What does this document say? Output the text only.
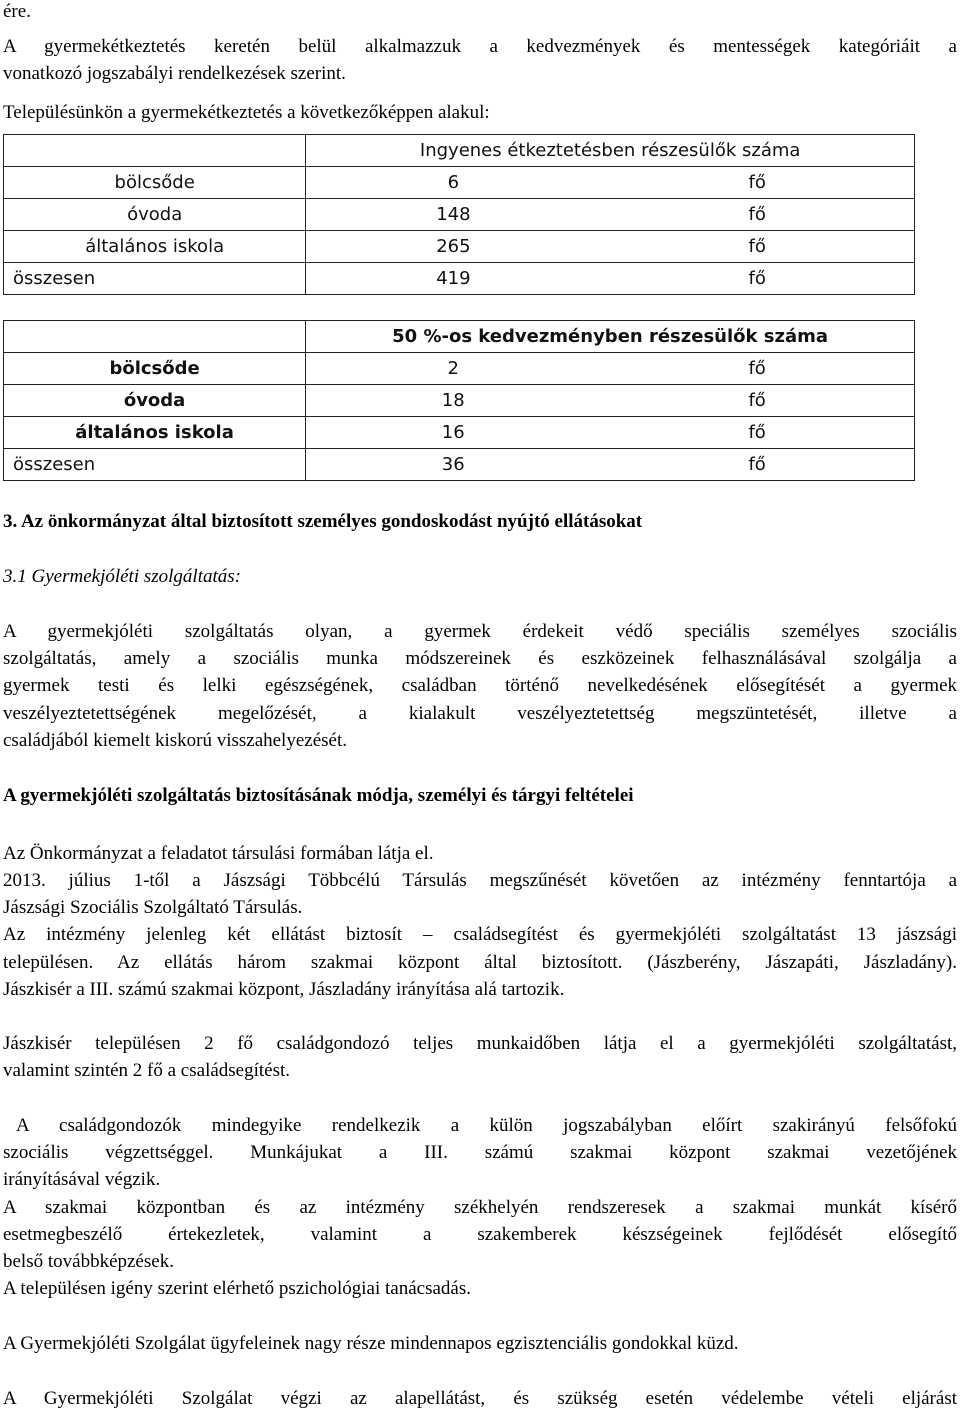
ére.
A gyermekétkeztetés keretén belül alkalmazzuk a kedvezmények és mentességek kategóriáit a
vonatkozó jogszabályi rendelkezések szerint.
Településünkön a gyermekétkeztetés a következőképpen alakul:
	Ingyenes étkeztetésben részesülők száma	
bölcsőde	6	fő
óvoda	148	fő
általános iskola	265	fő
összesen	419	fő
	50 %-os kedvezményben részesülők száma	
bölcsőde	2	fő
óvoda	18	fő
általános iskola	16	fő
összesen	36	fő
3. Az önkormányzat által biztosított személyes gondoskodást nyújtó ellátásokat
3.1 Gyermekjóléti szolgáltatás:
A gyermekjóléti szolgáltatás olyan, a gyermek érdekeit védő speciális személyes szociális
szolgáltatás, amely a szociális munka módszereinek és eszközeinek felhasználásával szolgálja a
gyermek testi és lelki egészségének, családban történő nevelkedésének elősegítését a gyermek
veszélyeztetettségének megelőzését, a kialakult veszélyeztetettség megszüntetését, illetve a
családjából kiemelt kiskorú visszahelyezését.
A gyermekjóléti szolgáltatás biztosításának módja, személyi és tárgyi feltételei
Az Önkormányzat a feladatot társulási formában látja el.
2013. július 1-től a Jászsági Többcélú Társulás megszűnését követően az intézmény fenntartója a
Jászsági Szociális Szolgáltató Társulás.
Az intézmény jelenleg két ellátást biztosít – családsegítést és gyermekjóléti szolgáltatást 13 jászsági
településen. Az ellátás három szakmai központ által biztosított. (Jászberény, Jászapáti, Jászladány).
Jászkisér a III. számú szakmai központ, Jászladány irányítása alá tartozik.
Jászkisér településen 2 fő családgondozó teljes munkaidőben látja el a gyermekjóléti szolgáltatást,
valamint szintén 2 fő a családsegítést.
A családgondozók mindegyike rendelkezik a külön jogszabályban előírt szakirányú felsőfokú
szociális végzettséggel. Munkájukat a III. számú szakmai központ szakmai vezetőjének
irányításával végzik.
A szakmai központban és az intézmény székhelyén rendszeresek a szakmai munkát kísérő
esetmegbeszélő értekezletek, valamint a szakemberek készségeinek fejlődését elősegítő
belső továbbképzések.
A településen igény szerint elérhető pszichológiai tanácsadás.
A Gyermekjóléti Szolgálat ügyfeleinek nagy része mindennapos egzisztenciális gondokkal küzd.
A Gyermekjóléti Szolgálat végzi az alapellátást, és szükség esetén védelembe vételi eljárást
